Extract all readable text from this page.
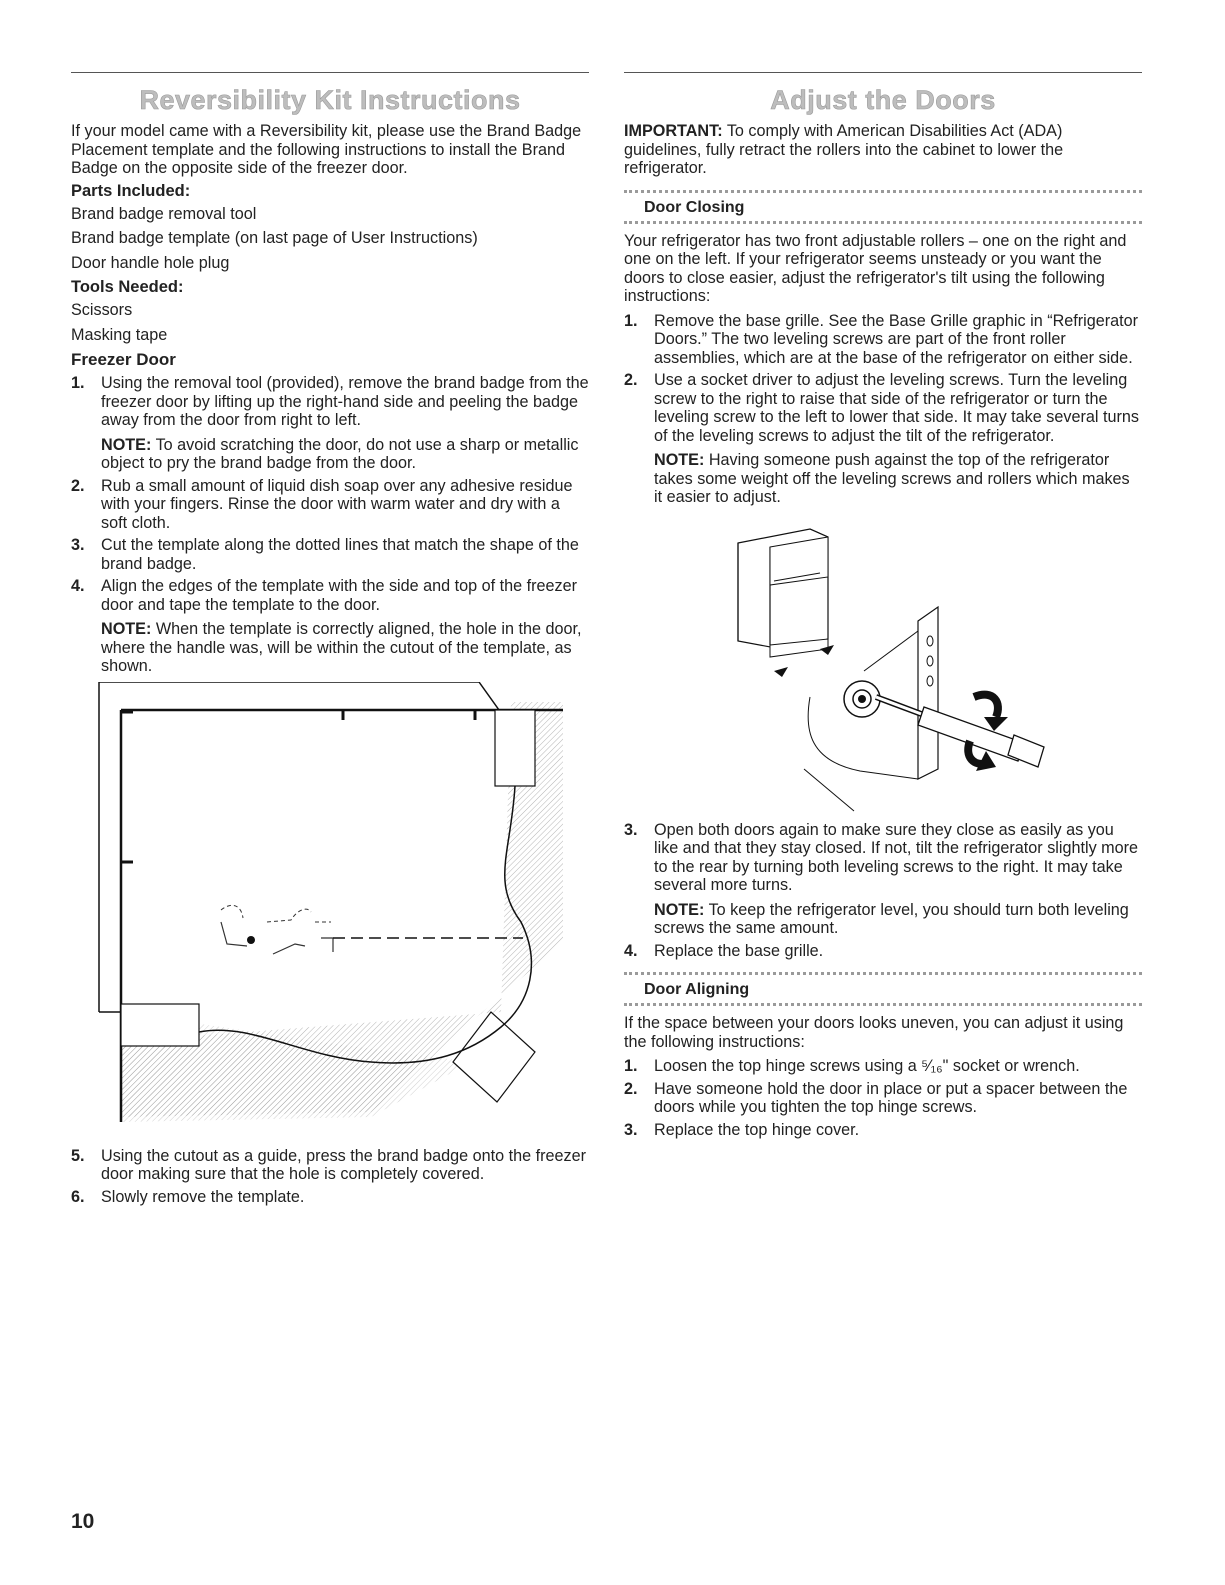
Reversibility Kit Instructions

If your model came with a Reversibility kit, please use the Brand Badge Placement template and the following instructions to install the Brand Badge on the opposite side of the freezer door.

Parts Included:
Brand badge removal tool
Brand badge template (on last page of User Instructions)
Door handle hole plug
Tools Needed:
Scissors
Masking tape
Freezer Door
1. Using the removal tool (provided), remove the brand badge from the freezer door by lifting up the right-hand side and peeling the badge away from the door from right to left.
NOTE: To avoid scratching the door, do not use a sharp or metallic object to pry the brand badge from the door.
2. Rub a small amount of liquid dish soap over any adhesive residue with your fingers. Rinse the door with warm water and dry with a soft cloth.
3. Cut the template along the dotted lines that match the shape of the brand badge.
4. Align the edges of the template with the side and top of the freezer door and tape the template to the door.
NOTE: When the template is correctly aligned, the hole in the door, where the handle was, will be within the cutout of the template, as shown.
5. Using the cutout as a guide, press the brand badge onto the freezer door making sure that the hole is completely covered.
6. Slowly remove the template.
Adjust the Doors

IMPORTANT: To comply with American Disabilities Act (ADA) guidelines, fully retract the rollers into the cabinet to lower the refrigerator.

Door Closing

Your refrigerator has two front adjustable rollers – one on the right and one on the left. If your refrigerator seems unsteady or you want the doors to close easier, adjust the refrigerator's tilt using the following instructions:

1. Remove the base grille. See the Base Grille graphic in “Refrigerator Doors.” The two leveling screws are part of the front roller assemblies, which are at the base of the refrigerator on either side.
2. Use a socket driver to adjust the leveling screws. Turn the leveling screw to the right to raise that side of the refrigerator or turn the leveling screw to the left to lower that side. It may take several turns of the leveling screws to adjust the tilt of the refrigerator.
NOTE: Having someone push against the top of the refrigerator takes some weight off the leveling screws and rollers which makes it easier to adjust.
3. Open both doors again to make sure they close as easily as you like and that they stay closed. If not, tilt the refrigerator slightly more to the rear by turning both leveling screws to the right. It may take several more turns.
NOTE: To keep the refrigerator level, you should turn both leveling screws the same amount.
4. Replace the base grille.
Door Aligning

If the space between your doors looks uneven, you can adjust it using the following instructions:

1. Loosen the top hinge screws using a ⁵⁄₁₆" socket or wrench.
2. Have someone hold the door in place or put a spacer between the doors while you tighten the top hinge screws.
3. Replace the top hinge cover.
10
